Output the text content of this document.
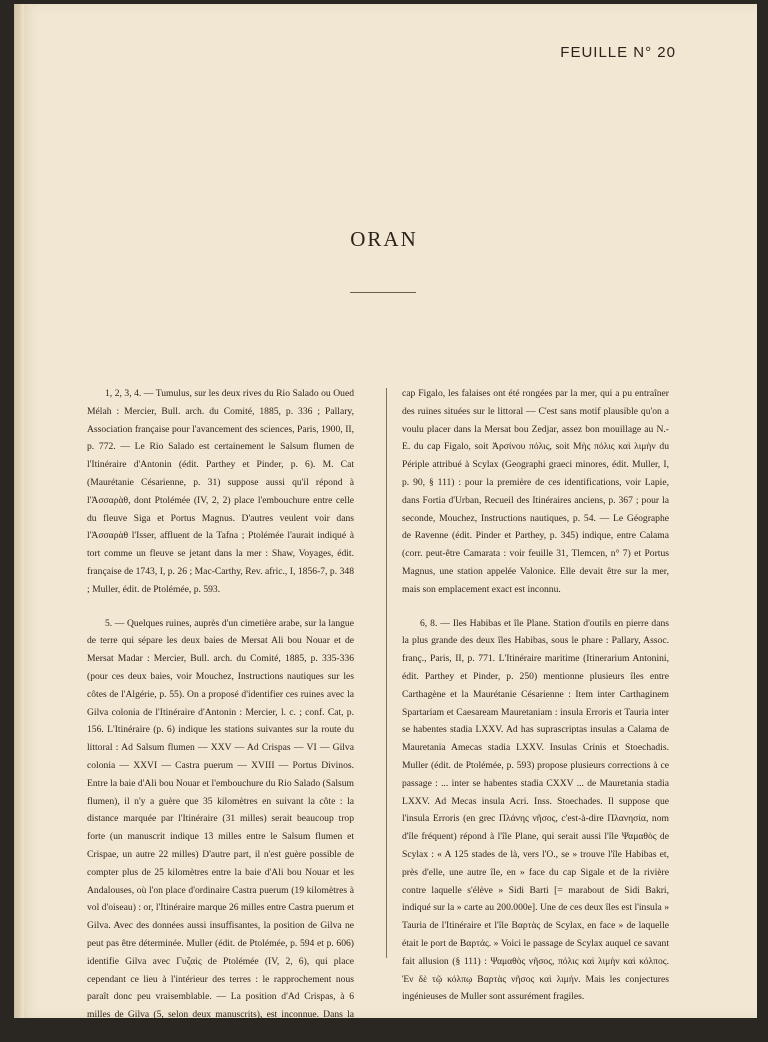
FEUILLE N° 20
ORAN

1, 2, 3, 4. — Tumulus, sur les deux rives du Rio Salado ou Oued Mélah : Mercier, Bull. arch. du Comité, 1885, p. 336 ; Pallary, Association française pour l'avancement des sciences, Paris, 1900, II, p. 772. — Le Rio Salado est certainement le Salsum flumen de l'Itinéraire d'Antonin (édit. Parthey et Pinder, p. 6). M. Cat (Maurétanie Césarienne, p. 31) suppose aussi qu'il répond à l'Ἀσσαρὰθ, dont Ptolémée (IV, 2, 2) place l'embouchure entre celle du fleuve Siga et Portus Magnus. D'autres veulent voir dans l'Ἀσσαρὰθ l'Isser, affluent de la Tafna ; Ptolémée l'aurait indiqué à tort comme un fleuve se jetant dans la mer : Shaw, Voyages, édit. française de 1743, I, p. 26 ; Mac-Carthy, Rev. afric., I, 1856-7, p. 348 ; Muller, édit. de Ptolémée, p. 593.

5. — Quelques ruines, auprès d'un cimetière arabe, sur la langue de terre qui sépare les deux baies de Mersat Ali bou Nouar et de Mersat Madar : Mercier, Bull. arch. du Comité, 1885, p. 335-336 (pour ces deux baies, voir Mouchez, Instructions nautiques sur les côtes de l'Algérie, p. 55). On a proposé d'identifier ces ruines avec la Gilva colonia de l'Itinéraire d'Antonin : Mercier, l. c. ; conf. Cat, p. 156. L'Itinéraire (p. 6) indique les stations suivantes sur la route du littoral : Ad Salsum flumen — XXV — Ad Crispas — VI — Gilva colonia — XXVI — Castra puerum — XVIII — Portus Divinos. Entre la baie d'Ali bou Nouar et l'embouchure du Rio Salado (Salsum flumen), il n'y a guère que 35 kilomètres en suivant la côte : la distance marquée par l'Itinéraire (31 milles) serait beaucoup trop forte (un manuscrit indique 13 milles entre le Salsum flumen et Crispae, un autre 22 milles) D'autre part, il n'est guère possible de compter plus de 25 kilomètres entre la baie d'Ali bou Nouar et les Andalouses, où l'on place d'ordinaire Castra puerum (19 kilomètres à vol d'oiseau) : or, l'Itinéraire marque 26 milles entre Castra puerum et Gilva. Avec des données aussi insuffisantes, la position de Gilva ne peut pas être déterminée. Muller (édit. de Ptolémée, p. 594 et p. 606) identifie Gilva avec Γυζαὶς de Ptolémée (IV, 2, 6), qui place cependant ce lieu à l'intérieur des terres : le rapprochement nous paraît donc peu vraisemblable. — La position d'Ad Crispas, à 6 milles de Gilva (5, selon deux manuscrits), est inconnue. Dans la région du

cap Figalo, les falaises ont été rongées par la mer, qui a pu entraîner des ruines situées sur le littoral — C'est sans motif plausible qu'on a voulu placer dans la Mersat bou Zedjar, assez bon mouillage au N.-E. du cap Figalo, soit Ἀρσίνου πόλις, soit Μὴς πόλις καὶ λιμὴν du Périple attribué à Scylax (Geographi graeci minores, édit. Muller, I, p. 90, § 111) : pour la première de ces identifications, voir Lapie, dans Fortia d'Urban, Recueil des Itinéraires anciens, p. 367 ; pour la seconde, Mouchez, Instructions nautiques, p. 54. — Le Géographe de Ravenne (édit. Pinder et Parthey, p. 345) indique, entre Calama (corr. peut-être Camarata : voir feuille 31, Tlemcen, n° 7) et Portus Magnus, une station appelée Valonice. Elle devait être sur la mer, mais son emplacement exact est inconnu.

6, 8. — Iles Habibas et île Plane. Station d'outils en pierre dans la plus grande des deux îles Habibas, sous le phare : Pallary, Assoc. franç., Paris, II, p. 771. L'Itinéraire maritime (Itinerarium Antonini, édit. Parthey et Pinder, p. 250) mentionne plusieurs îles entre Carthagène et la Maurétanie Césarienne : Item inter Carthaginem Spartariam et Caesaream Mauretaniam : insula Erroris et Tauria inter se habentes stadia LXXV. Ad has suprascriptas insulas a Calama de Mauretania Amecas stadia LXXV. Insulas Crinis et Stoechadis. Muller (édit. de Ptolémée, p. 593) propose plusieurs corrections à ce passage : ... inter se habentes stadia CXXV ... de Mauretania stadia LXXV. Ad Mecas insula Acri. Inss. Stoechades. Il suppose que l'insula Erroris (en grec Πλάνης νῆσος, c'est-à-dire Πλανησία, nom d'île fréquent) répond à l'île Plane, qui serait aussi l'île Ψαμαθὸς de Scylax : « A 125 stades de là, vers l'O., se » trouve l'île Habibas et, près d'elle, une autre île, en » face du cap Sigale et de la rivière contre laquelle s'élève » Sidi Barti [= marabout de Sidi Bakri, indiqué sur la » carte au 200.000e]. Une de ces deux îles est l'insula » Tauria de l'Itinéraire et l'île Βαρτὰς de Scylax, en face » de laquelle était le port de Βαρτάς. » Voici le passage de Scylax auquel ce savant fait allusion (§ 111) : Ψαμαθὸς νῆσος, πόλις καὶ λιμὴν καὶ κόλπος. Ἐν δὲ τῷ κόλπῳ Βαρτὰς νῆσος καὶ λιμήν. Mais les conjectures ingénieuses de Muller sont assurément fragiles.
